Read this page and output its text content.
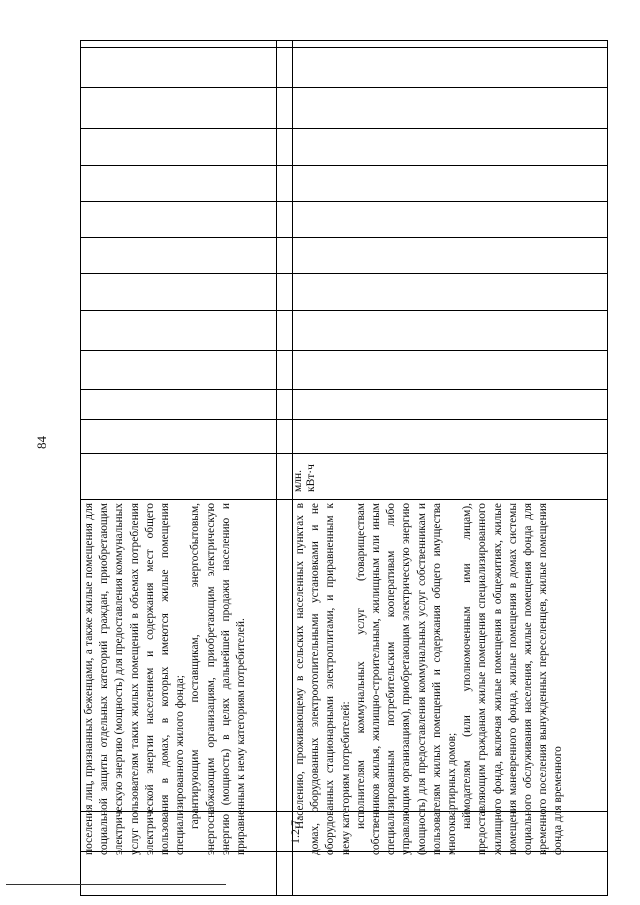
84

поселения лиц, признанных беженцами, а также жилые помещения для социальной защиты отдельных категорий граждан, приобретающим электрическую энергию (мощность) для предоставления коммунальных услуг пользователям таких жилых помещений в объемах потребления электрической энергии населением и содержания мест общего пользования в домах, в которых имеются жилые помещения специализированного жилого фонда; гарантирующим поставщикам, энергосбытовым, энергоснабжающим организациям, приобретающим электрическую энергию (мощность) в целях дальнейшей продажи населению и приравненным к нему категориям потребителей.	1.2.7.

Населению, проживающему в сельских населенных пунктах в домах, оборудованных электроотопительными установками и не оборудованных стационарными электроплитами, и приравненным к нему категориям потребителей: исполнителям коммунальных услуг (товариществам собственников жилья, жилищно-строительным, жилищным или иным специализированным потребительским кооперативам либо управляющим организациям), приобретающим электрическую энергию (мощность) для предоставления коммунальных услуг собственникам и пользователям жилых помещений и содержания общего имущества многоквартирных домов; наймодателям (или уполномоченным ими лицам), предоставляющим гражданам жилые помещения специализированного жилищного фонда, включая жилые помещения в общежитиях, жилые помещения маневренного фонда, жилые помещения в домах системы социального обслуживания населения, жилые помещения фонда для временного поселения вынужденных переселенцев, жилые помещения фонда для временного

млн. кВт·ч
